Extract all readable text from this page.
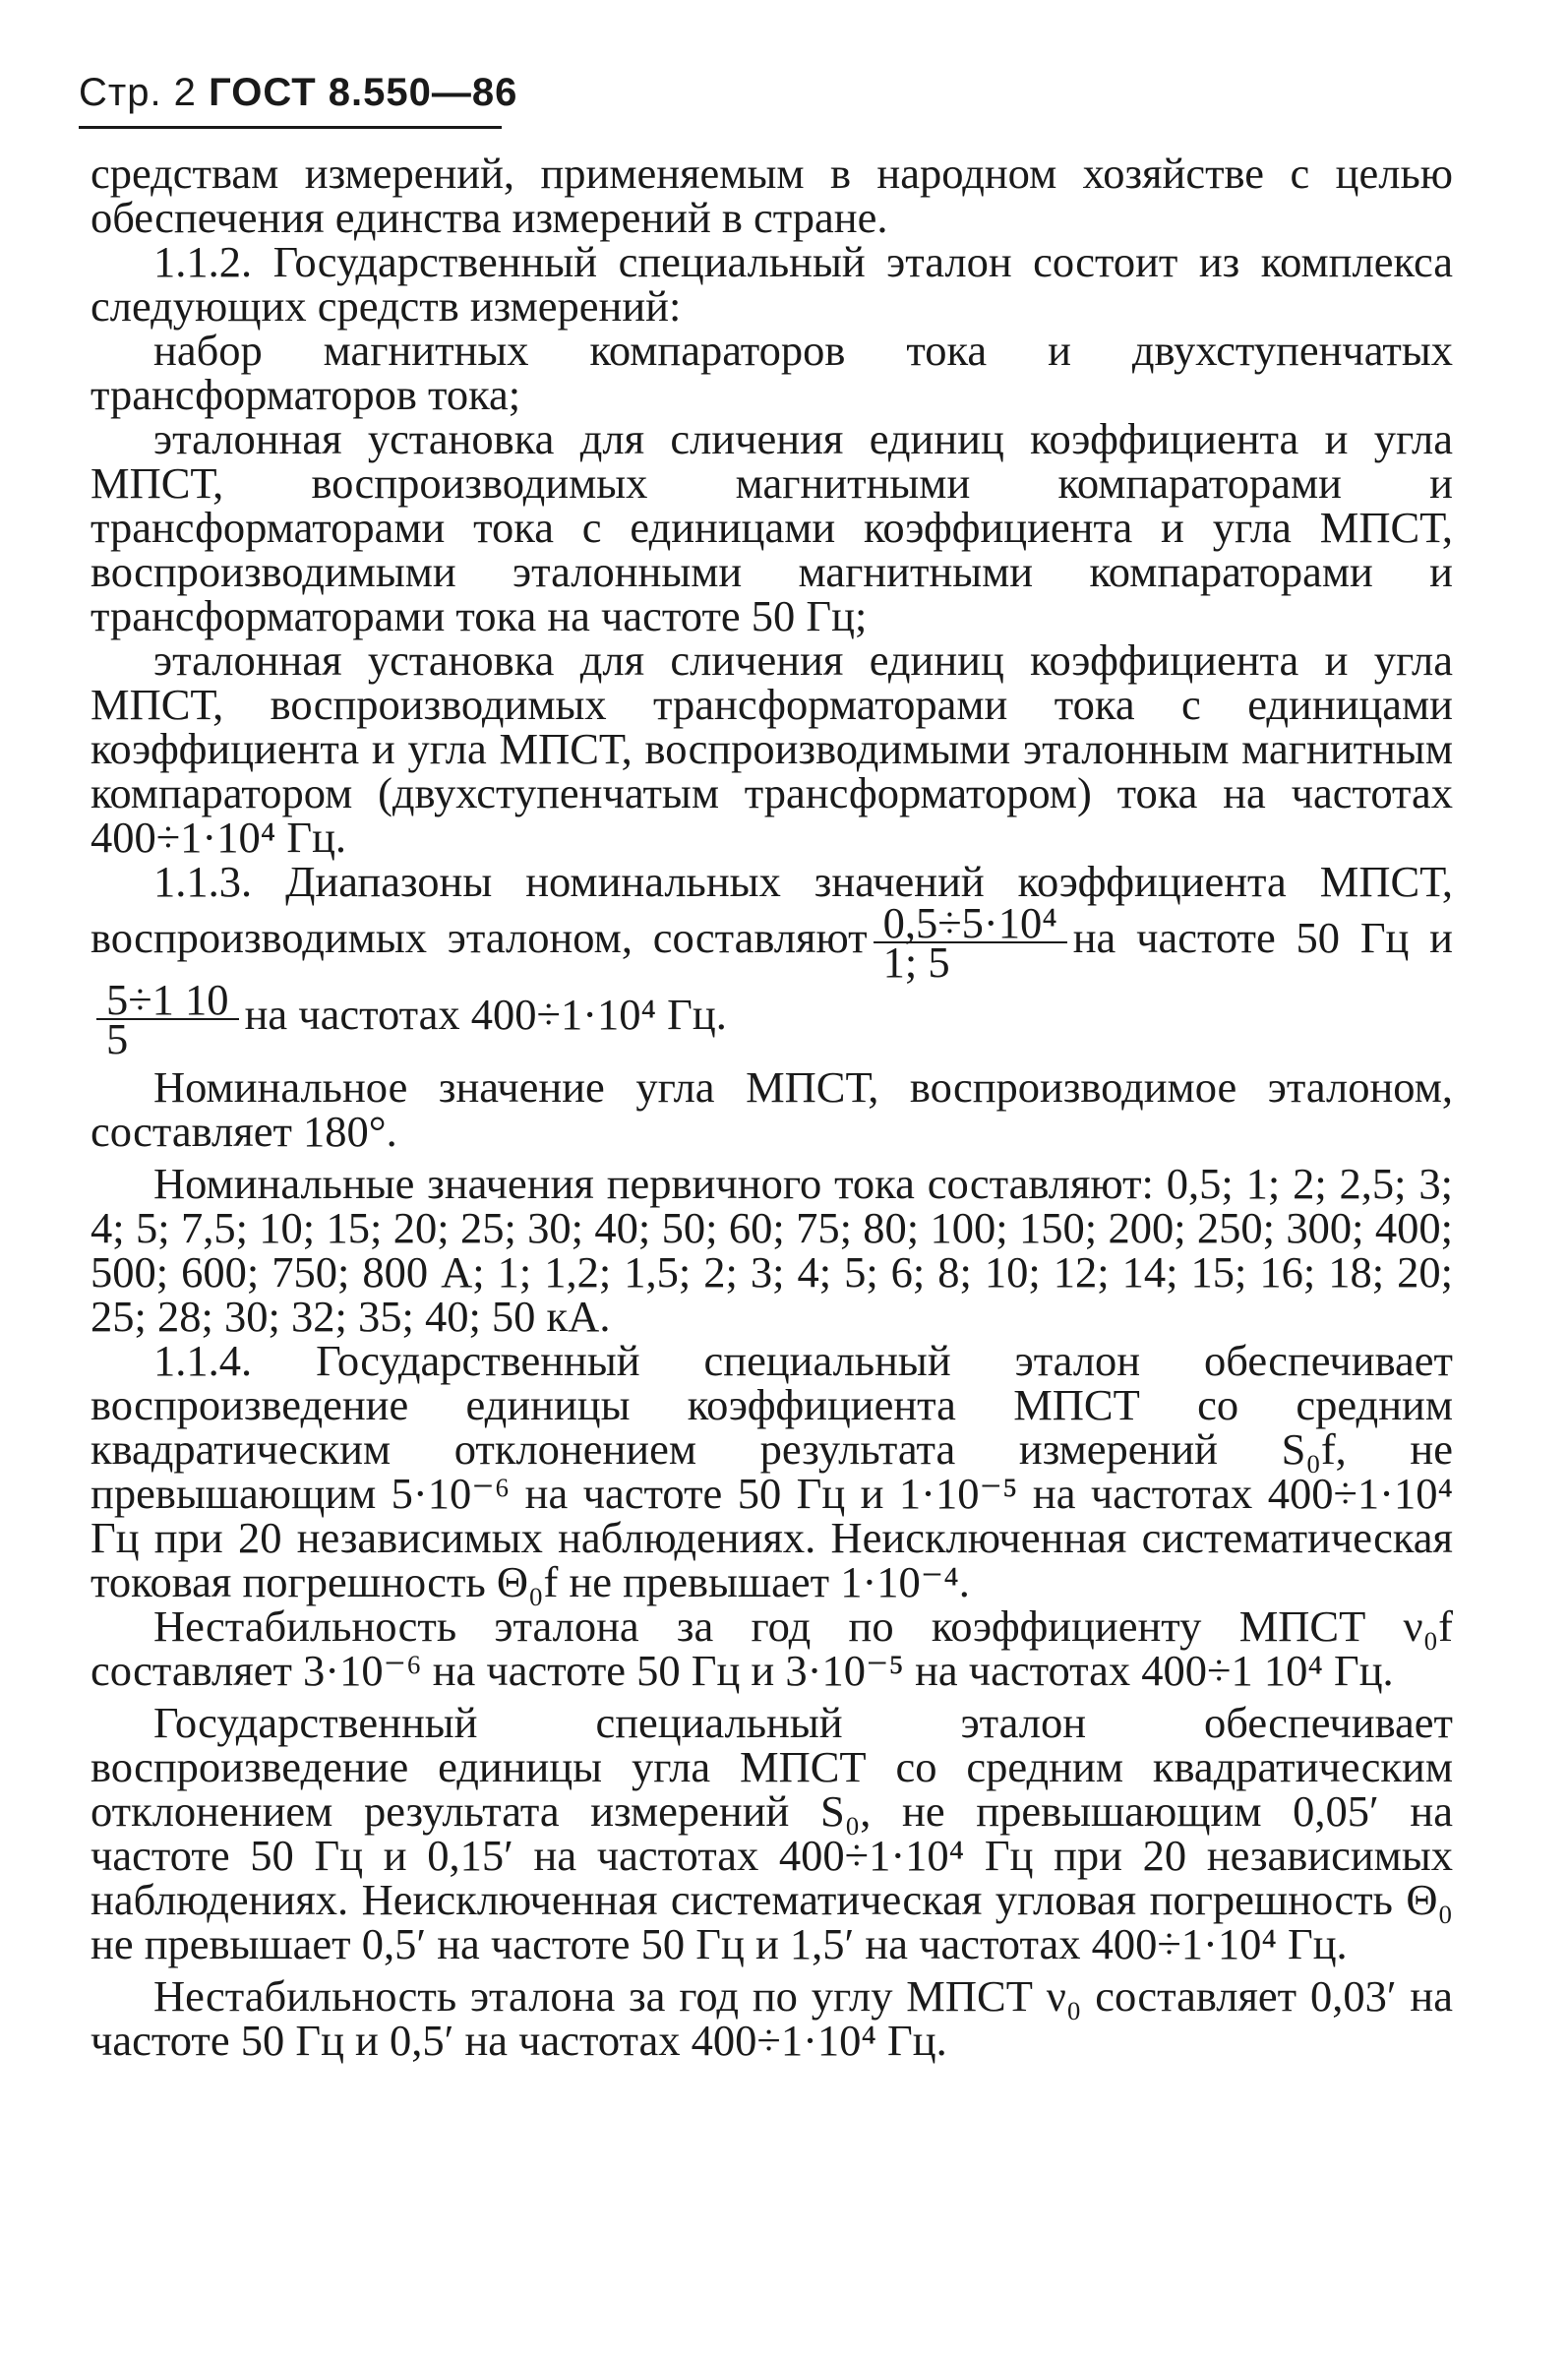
Стр. 2 ГОСТ 8.550—86

средствам измерений, применяемым в народном хозяйстве с целью обеспечения единства измерений в стране.

1.1.2. Государственный специальный эталон состоит из комплекса следующих средств измерений:

набор магнитных компараторов тока и двухступенчатых трансформаторов тока;

эталонная установка для сличения единиц коэффициента и угла МПСТ, воспроизводимых магнитными компараторами и трансформаторами тока с единицами коэффициента и угла МПСТ, воспроизводимыми эталонными магнитными компараторами и трансформаторами тока на частоте 50 Гц;

эталонная установка для сличения единиц коэффициента и угла МПСТ, воспроизводимых трансформаторами тока с единицами коэффициента и угла МПСТ, воспроизводимыми эталонным магнитным компаратором (двухступенчатым трансформатором) тока на частотах 400÷1·10⁴ Гц.

1.1.3. Диапазоны номинальных значений коэффициента МПСТ, воспроизводимых эталоном, составляют $\frac{\text{0,5÷5·10⁴}}{1; 5}$ на частоте 50 Гц и
$\frac{5\div 1 10}{5}$ на частотах 400÷1·10⁴ Гц.

Номинальное значение угла МПСТ, воспроизводимое эталоном, составляет 180°.

Номинальные значения первичного тока составляют: 0,5; 1; 2; 2,5; 3; 4; 5; 7,5; 10; 15; 20; 25; 30; 40; 50; 60; 75; 80; 100; 150; 200; 250; 300; 400; 500; 600; 750; 800 А; 1; 1,2; 1,5; 2; 3; 4; 5; 6; 8; 10; 12; 14; 15; 16; 18; 20; 25; 28; 30; 32; 35; 40; 50 кА.

1.1.4. Государственный специальный эталон обеспечивает воспроизведение единицы коэффициента МПСТ со средним квадратическим отклонением результата измерений S₀f, не превышающим 5·10⁻⁶ на частоте 50 Гц и 1·10⁻⁵ на частотах 400÷1·10⁴ Гц при 20 независимых наблюдениях. Неисключенная систематическая токовая погрешность Θ₀f не превышает 1·10⁻⁴.

Нестабильность эталона за год по коэффициенту МПСТ ν₀f составляет 3·10⁻⁶ на частоте 50 Гц и 3·10⁻⁵ на частотах 400÷1 10⁴ Гц.

Государственный специальный эталон обеспечивает воспроизведение единицы угла МПСТ со средним квадратическим отклонением результата измерений S₀, не превышающим 0,05′ на частоте 50 Гц и 0,15′ на частотах 400÷1·10⁴ Гц при 20 независимых наблюдениях. Неисключенная систематическая угловая погрешность Θ₀ не превышает 0,5′ на частоте 50 Гц и 1,5′ на частотах 400÷1·10⁴ Гц.

Нестабильность эталона за год по углу МПСТ ν₀ составляет 0,03′ на частоте 50 Гц и 0,5′ на частотах 400÷1·10⁴ Гц.
